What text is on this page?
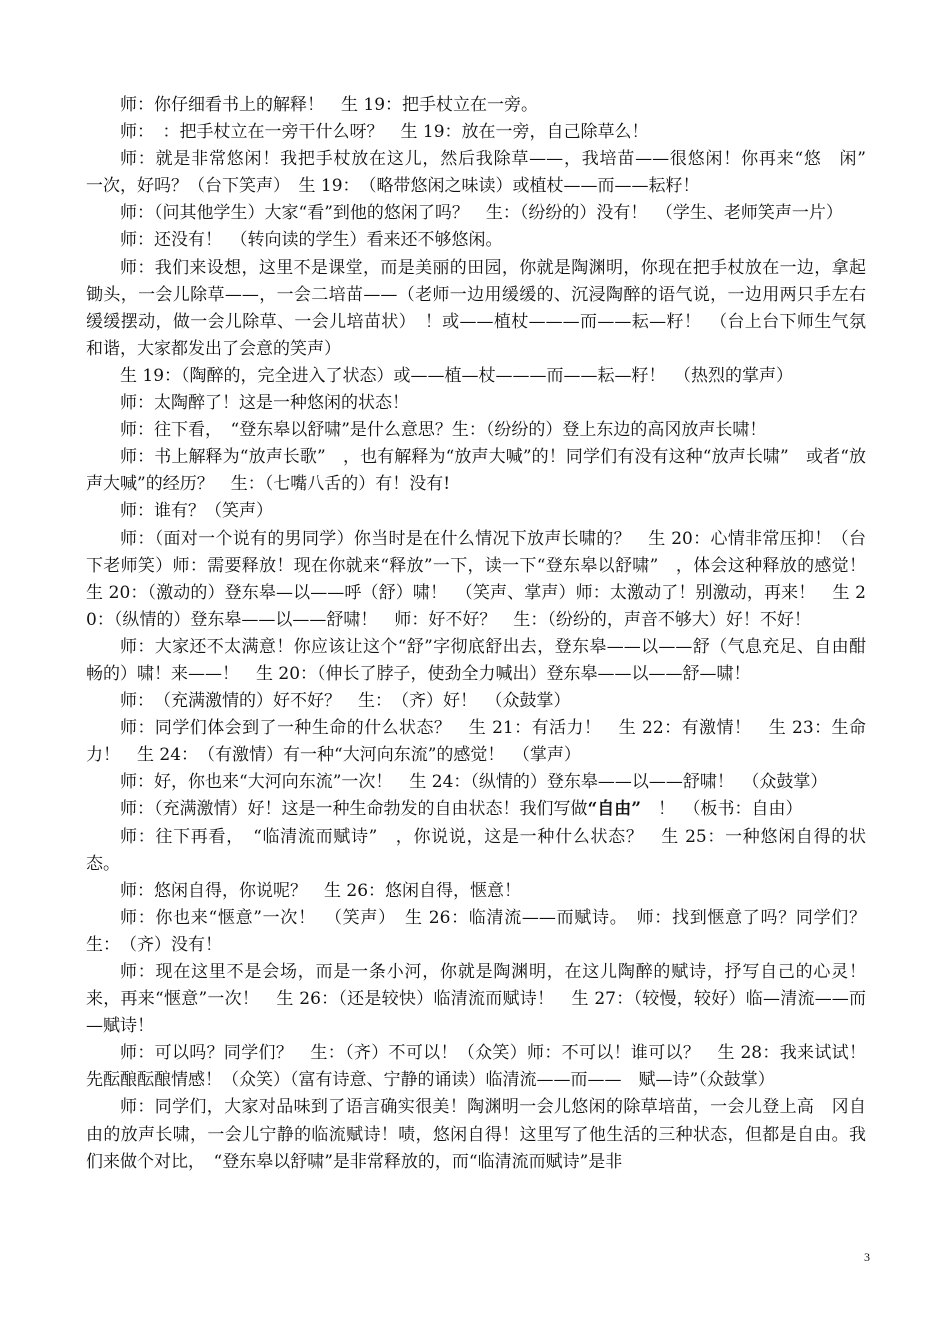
师：你仔细看书上的解释！　生 19：把手杖立在一旁。

师：　：把手杖立在一旁干什么呀？　生 19：放在一旁，自己除草么！

师：就是非常悠闲！我把手杖放在这儿，然后我除草——，我培苗——很悠闲！你再来“悠　闲”　一次，好吗？（台下笑声）　生 19：　（略带悠闲之味读）或植杖——而——耘籽！

师：（问其他学生）大家“看”到他的悠闲了吗？　生：（纷纷的）没有！　（学生、老师笑声一片）

师：还没有！　（转向读的学生）看来还不够悠闲。

师：我们来设想，这里不是课堂，而是美丽的田园，你就是陶渊明，你现在把手杖放在一边，拿起锄头，一会儿除草——，一会二培苗——（老师一边用缓缓的、沉浸陶醉的语气说，一边用两只手左右缓缓摆动，做一会儿除草、一会儿培苗状）　！或——植杖———而——耘—籽！　（台上台下师生气氛和谐，大家都发出了会意的笑声）

生 19：（陶醉的，完全进入了状态）或——植—杖———而——耘—籽！　（热烈的掌声）

师：太陶醉了！这是一种悠闲的状态！

师：往下看，　“登东皋以舒啸”是什么意思？生：（纷纷的）登上东边的高冈放声长啸！

师：书上解释为“放声长歌”　，也有解释为“放声大喊”的！同学们有没有这种“放声长啸”　或者“放声大喊”的经历？　生：（七嘴八舌的）有！没有!

师：谁有？（笑声）

师：（面对一个说有的男同学）你当时是在什么情况下放声长啸的？　生 20：心情非常压抑！（台下老师笑）师：需要释放！现在你就来“释放”一下，读一下“登东皋以舒啸”　，体会这种释放的感觉！　生 20：（激动的）登东皋—以——呼（舒）啸！　（笑声、掌声）师：太激动了！别激动，再来！　生 20：（纵情的）登东皋——以——舒啸！　师：好不好？　生：（纷纷的，声音不够大）好！不好！

师：大家还不太满意！你应该让这个“舒”字彻底舒出去，登东皋——以——舒（气息充足、自由酣畅的）啸！来——！　生 20：（伸长了脖子，使劲全力喊出）登东皋——以——舒—啸！

师：　（充满激情的）好不好？　生：　（齐）好！　（众鼓掌）

师：同学们体会到了一种生命的什么状态？　生 21：有活力！　生 22：有激情！　生 23：生命力！　生 24：　（有激情）有一种“大河向东流”的感觉！　（掌声）

师：好，你也来“大河向东流”一次！　生 24：（纵情的）登东皋——以——舒啸！　（众鼓掌）

师：（充满激情）好！这是一种生命勃发的自由状态！我们写做“自由”　！　（板书：自由）

师：往下再看，　“临清流而赋诗”　，你说说，这是一种什么状态？　生 25：一种悠闲自得的状态。

师：悠闲自得，你说呢？　生 26：悠闲自得，惬意！

师：你也来“惬意”一次！　（笑声）　生 26：临清流——而赋诗。　师：找到惬意了吗？同学们？　生：　（齐）没有！

师：现在这里不是会场，而是一条小河，你就是陶渊明，在这儿陶醉的赋诗，抒写自己的心灵！来，再来“惬意”一次！　生 26：（还是较快）临清流而赋诗！　生 27：（较慢，较好）临—清流——而—赋诗！

师：可以吗？同学们？　生：（齐）不可以！（众笑）师：不可以！谁可以？　生 28：我来试试！先酝酿酝酿情感！（众笑）（富有诗意、宁静的诵读）临清流——而——　赋—诗”（众鼓掌）

师：同学们，大家对品味到了语言确实很美！陶渊明一会儿悠闲的除草培苗，一会儿登上高　冈自由的放声长啸，一会儿宁静的临流赋诗！啧，悠闲自得！这里写了他生活的三种状态，但都是自由。我们来做个对比，　“登东皋以舒啸”是非常释放的，而“临清流而赋诗”是非

3
